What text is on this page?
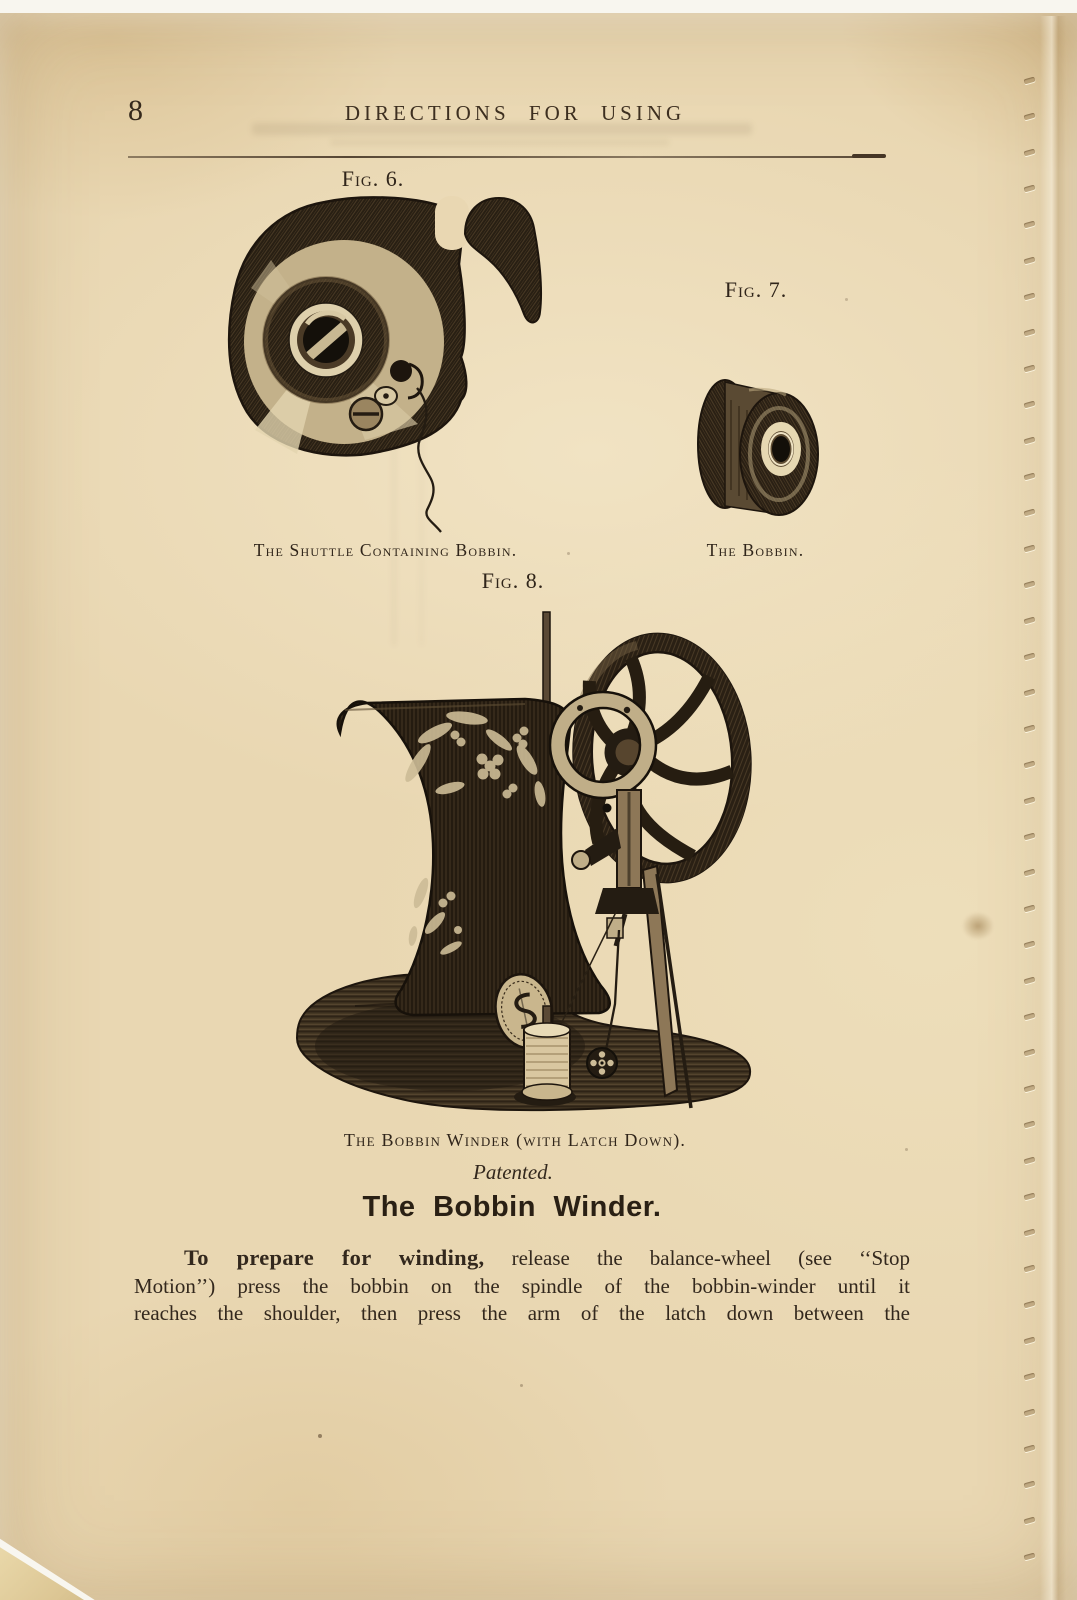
8	DIRECTIONS FOR USING
Fig. 6.
Fig. 7.
The Shuttle Containing Bobbin.	The Bobbin.
Fig. 8.
The Bobbin Winder (with Latch Down).
Patented.
The Bobbin Winder.
To prepare for winding, release the balance-wheel (see ‘‘Stop
Motion’’) press the bobbin on the spindle of the bobbin-winder until it
reaches the shoulder, then press the arm of the latch down between the
